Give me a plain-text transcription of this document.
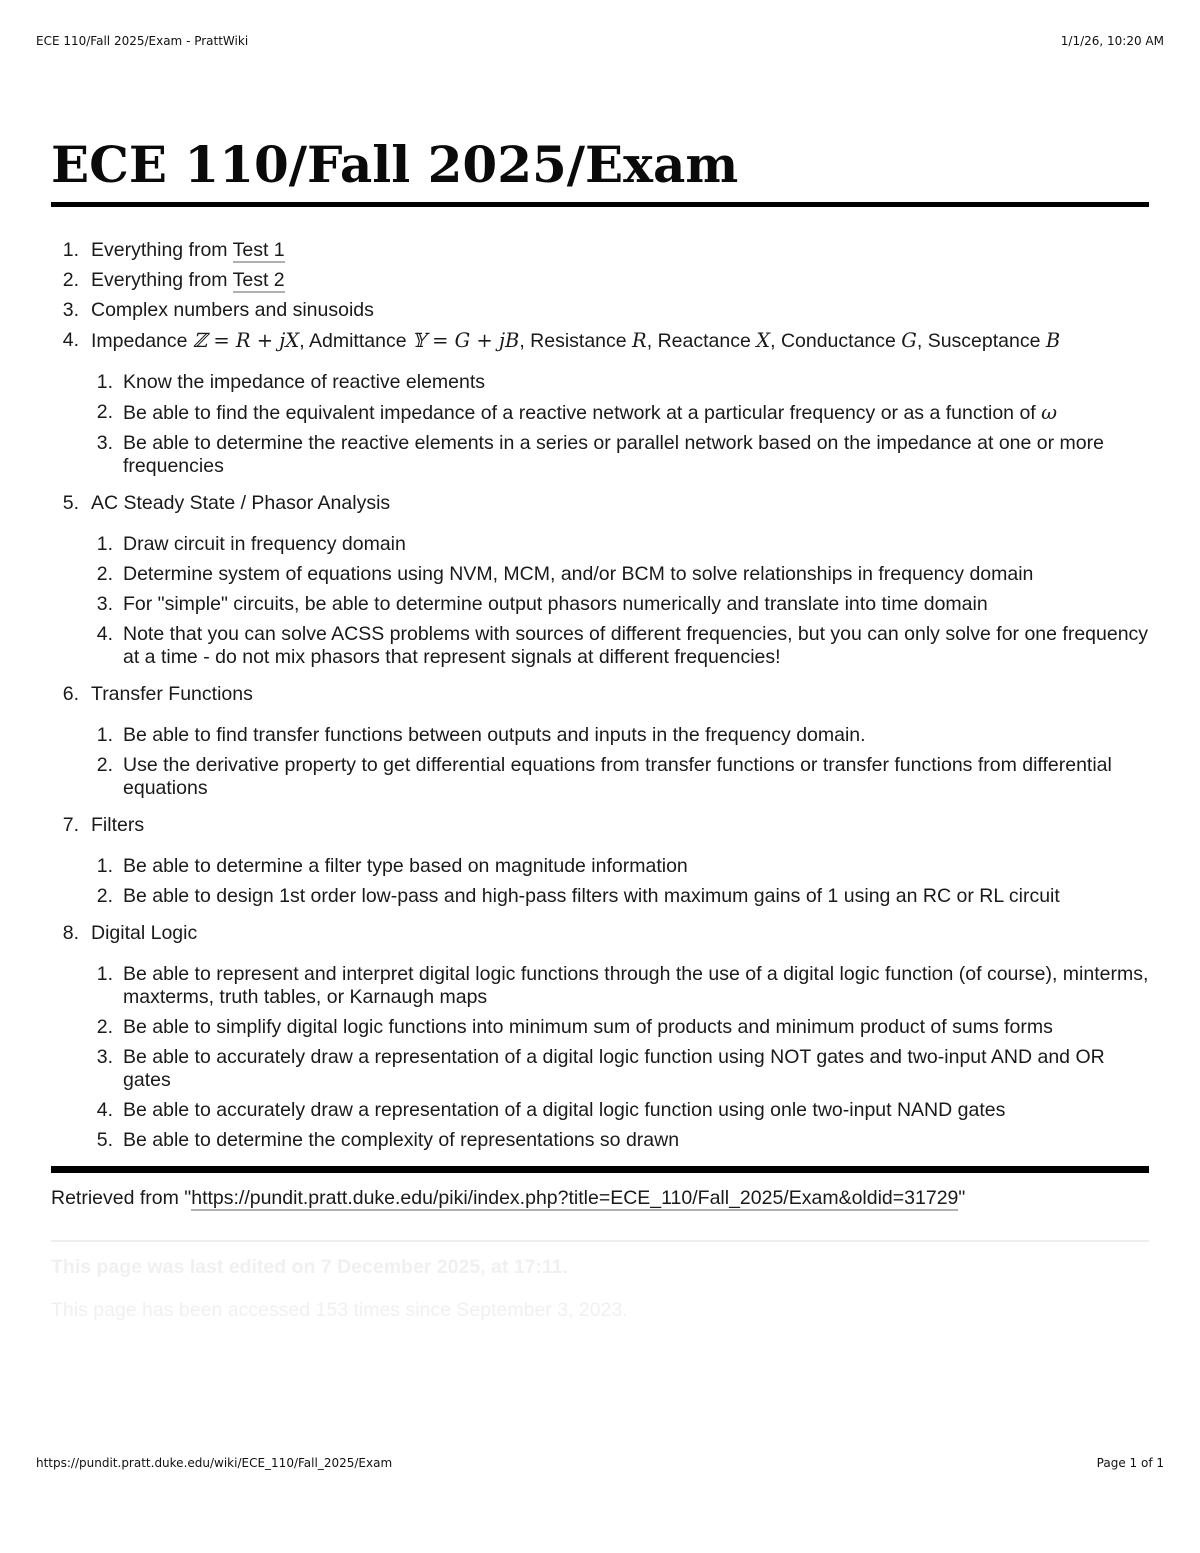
ECE 110/Fall 2025/Exam - PrattWiki	1/1/26, 10:20 AM
ECE 110/Fall 2025/Exam
1. Everything from Test 1
2. Everything from Test 2
3. Complex numbers and sinusoids
4. Impedance ℤ = R + jX, Admittance 𝕐 = G + jB, Resistance R, Reactance X, Conductance G, Susceptance B
1. Know the impedance of reactive elements
2. Be able to find the equivalent impedance of a reactive network at a particular frequency or as a function of ω
3. Be able to determine the reactive elements in a series or parallel network based on the impedance at one or more frequencies
5. AC Steady State / Phasor Analysis
1. Draw circuit in frequency domain
2. Determine system of equations using NVM, MCM, and/or BCM to solve relationships in frequency domain
3. For "simple" circuits, be able to determine output phasors numerically and translate into time domain
4. Note that you can solve ACSS problems with sources of different frequencies, but you can only solve for one frequency at a time - do not mix phasors that represent signals at different frequencies!
6. Transfer Functions
1. Be able to find transfer functions between outputs and inputs in the frequency domain.
2. Use the derivative property to get differential equations from transfer functions or transfer functions from differential equations
7. Filters
1. Be able to determine a filter type based on magnitude information
2. Be able to design 1st order low-pass and high-pass filters with maximum gains of 1 using an RC or RL circuit
8. Digital Logic
1. Be able to represent and interpret digital logic functions through the use of a digital logic function (of course), minterms, maxterms, truth tables, or Karnaugh maps
2. Be able to simplify digital logic functions into minimum sum of products and minimum product of sums forms
3. Be able to accurately draw a representation of a digital logic function using NOT gates and two-input AND and OR gates
4. Be able to accurately draw a representation of a digital logic function using onle two-input NAND gates
5. Be able to determine the complexity of representations so drawn
Retrieved from "https://pundit.pratt.duke.edu/piki/index.php?title=ECE_110/Fall_2025/Exam&oldid=31729"
This page was last edited on 7 December 2025, at 17:11.
This page has been accessed 153 times since September 3, 2023.
https://pundit.pratt.duke.edu/wiki/ECE_110/Fall_2025/Exam	Page 1 of 1
